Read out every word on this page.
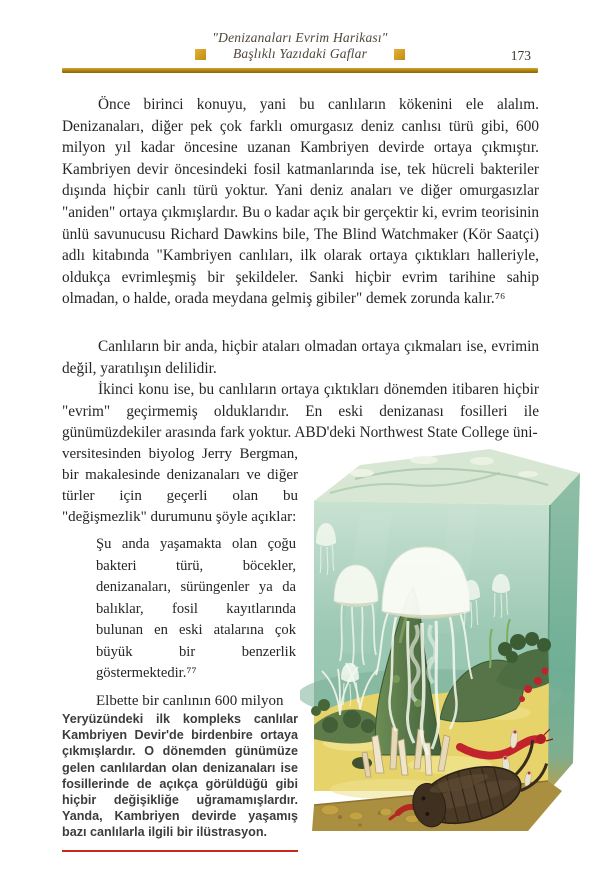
"Denizanaları Evrim Harikası"
Başlıklı Yazıdaki Gaflar	173
Önce birinci konuyu, yani bu canlıların kökenini ele alalım. Denizanaları, diğer pek çok farklı omurgasız deniz canlısı türü gibi, 600 milyon yıl kadar öncesine uzanan Kambriyen devirde ortaya çıkmıştır. Kambriyen devir öncesindeki fosil katmanlarında ise, tek hücreli bakteriler dışında hiçbir canlı türü yoktur. Yani deniz anaları ve diğer omurgasızlar "aniden" ortaya çıkmışlardır. Bu o kadar açık bir gerçektir ki, evrim teorisinin ünlü savunucusu Richard Dawkins bile, The Blind Watchmaker (Kör Saatçi) adlı kitabında "Kambriyen canlıları, ilk olarak ortaya çıktıkları halleriyle, oldukça evrimleşmiş bir şekildeler. Sanki hiçbir evrim tarihine sahip olmadan, o halde, orada meydana gelmiş gibiler" demek zorunda kalır.⁷⁶
Canlıların bir anda, hiçbir ataları olmadan ortaya çıkmaları ise, evrimin değil, yaratılışın delilidir.
İkinci konu ise, bu canlıların ortaya çıktıkları dönemden itibaren hiçbir "evrim" geçirmemiş olduklarıdır. En eski denizanası fosilleri ile günümüzdekiler arasında fark yoktur. ABD'deki Northwest State College üni-

versitesinden biyolog Jerry Bergman, bir makalesinde denizanaları ve diğer türler için geçerli olan bu "değişmezlik" durumunu şöyle açıklar:

Şu anda yaşamakta olan çoğu bakteri türü, böcekler, denizanaları, sürüngenler ya da balıklar, fosil kayıtlarında bulunan en eski atalarına çok büyük bir benzerlik göstermektedir.⁷⁷

Elbette bir canlının 600 milyon

Yeryüzündeki ilk kompleks canlılar Kambriyen Devir'de birdenbire ortaya çıkmışlardır. O dönemden günümüze gelen canlılardan olan denizanaları ise fosillerinde de açıkça görüldüğü gibi hiçbir değişikliğe uğramamışlardır. Yanda, Kambriyen devirde yaşamış bazı canlılarla ilgili bir ilüstrasyon.
